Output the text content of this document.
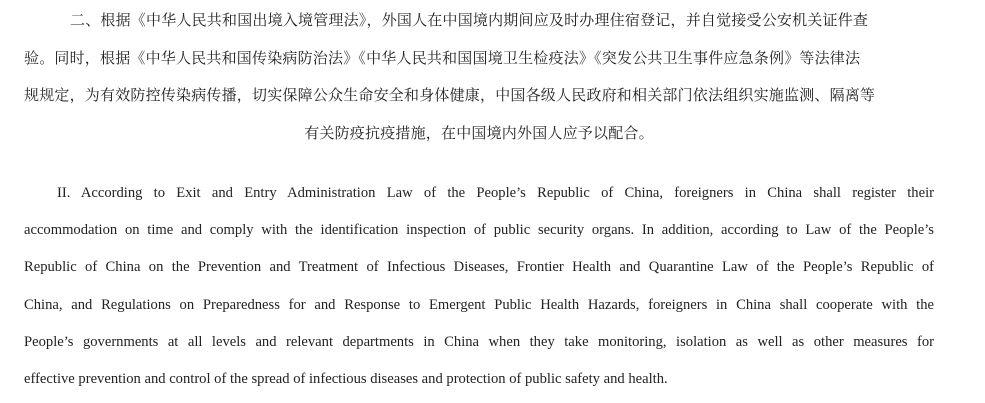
二、根据《中华人民共和国出境入境管理法》，外国人在中国境内期间应及时办理住宿登记，并自觉接受公安机关证件查
验。同时，根据《中华人民共和国传染病防治法》《中华人民共和国国境卫生检疫法》《突发公共卫生事件应急条例》等法律法
规规定，为有效防控传染病传播，切实保障公众生命安全和身体健康，中国各级人民政府和相关部门依法组织实施监测、隔离等
有关防疫抗疫措施，在中国境内外国人应予以配合。
II. According to Exit and Entry Administration Law of the People’s Republic of China, foreigners in China shall register their
accommodation on time and comply with the identification inspection of public security organs. In addition, according to Law of the People’s
Republic of China on the Prevention and Treatment of Infectious Diseases, Frontier Health and Quarantine Law of the People’s Republic of
China, and Regulations on Preparedness for and Response to Emergent Public Health Hazards, foreigners in China shall cooperate with the
People’s governments at all levels and relevant departments in China when they take monitoring, isolation as well as other measures for
effective prevention and control of the spread of infectious diseases and protection of public safety and health.
